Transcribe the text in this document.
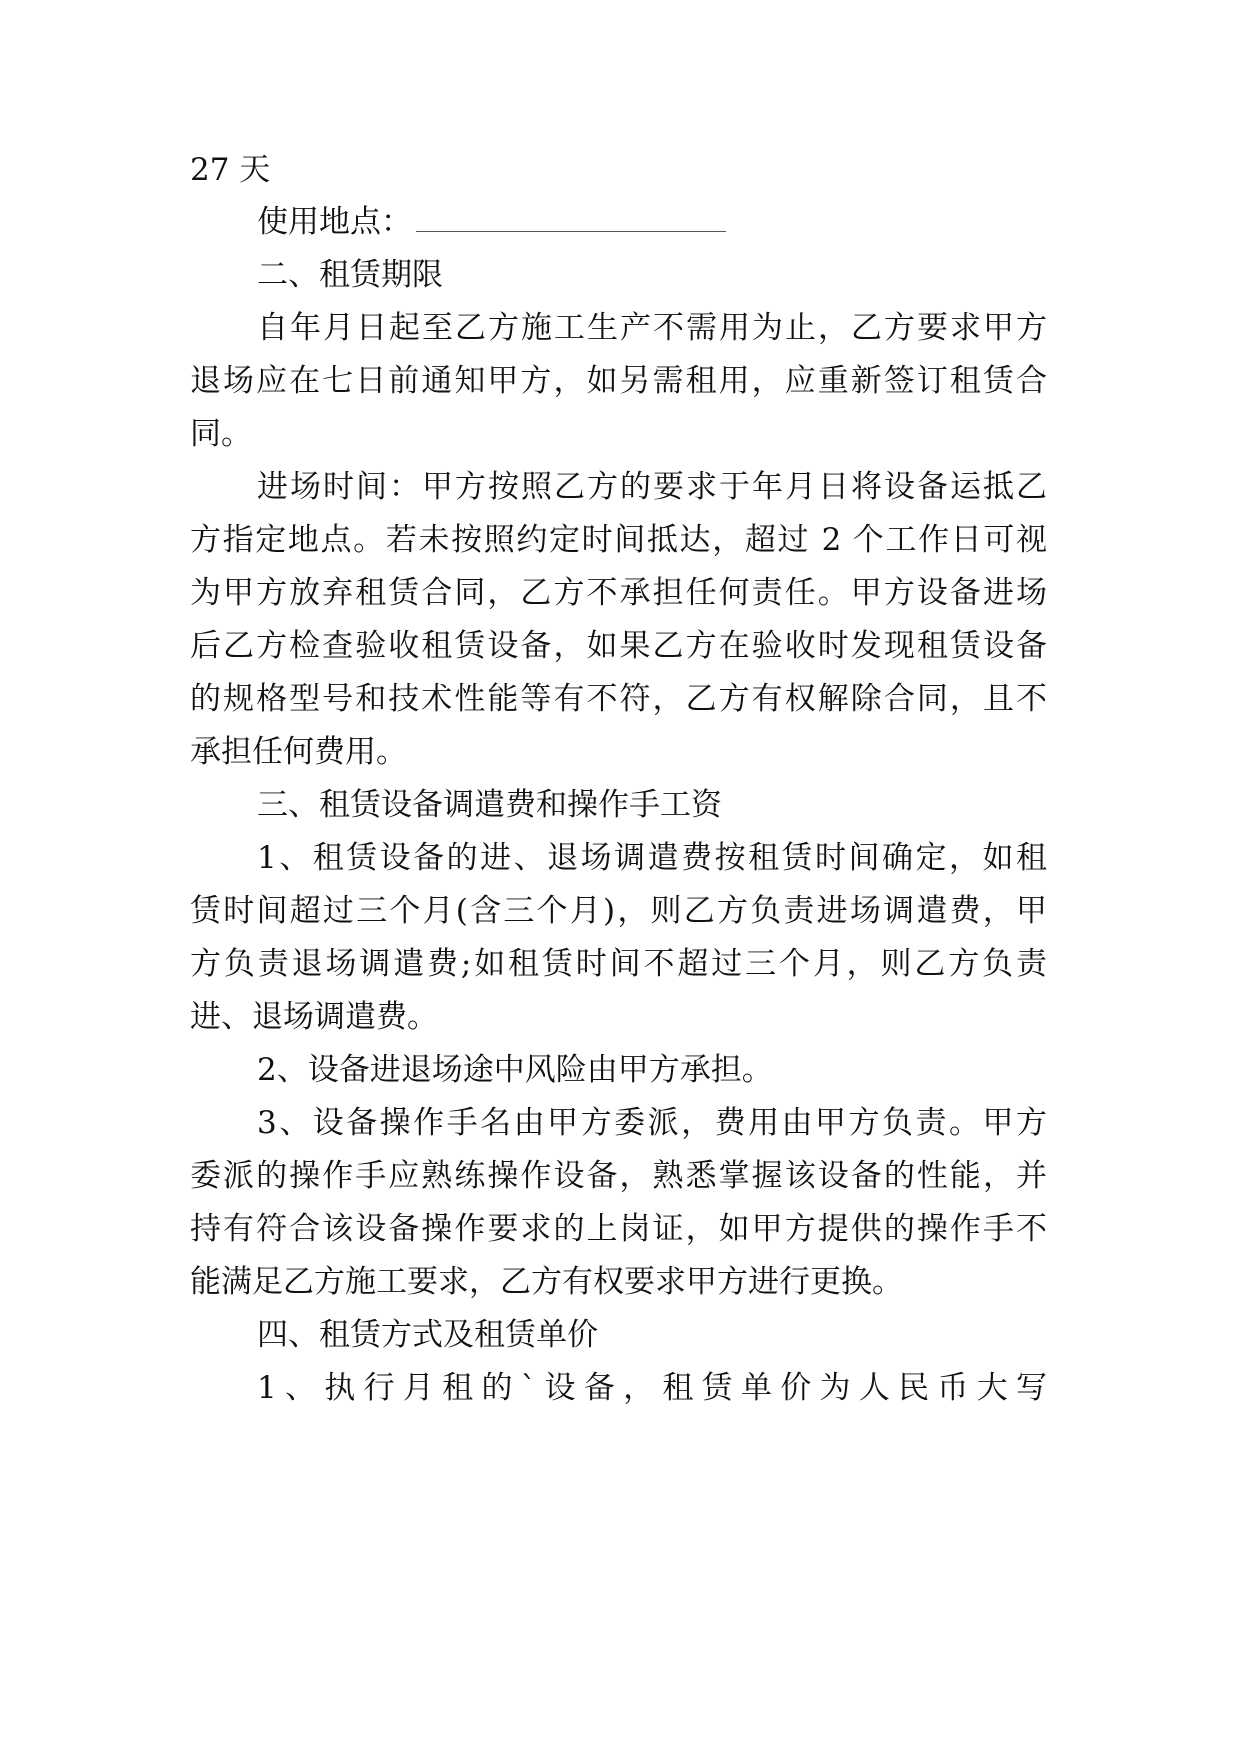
27 天
使用地点：
二、租赁期限
自年月日起至乙方施工生产不需用为止，乙方要求甲方
退场应在七日前通知甲方，如另需租用，应重新签订租赁合
同。
进场时间：甲方按照乙方的要求于年月日将设备运抵乙
方指定地点。若未按照约定时间抵达，超过 2 个工作日可视
为甲方放弃租赁合同，乙方不承担任何责任。甲方设备进场
后乙方检查验收租赁设备，如果乙方在验收时发现租赁设备
的规格型号和技术性能等有不符，乙方有权解除合同，且不
承担任何费用。
三、租赁设备调遣费和操作手工资
1、租赁设备的进、退场调遣费按租赁时间确定，如租
赁时间超过三个月(含三个月)，则乙方负责进场调遣费，甲
方负责退场调遣费;如租赁时间不超过三个月，则乙方负责
进、退场调遣费。
2、设备进退场途中风险由甲方承担。
3、设备操作手名由甲方委派，费用由甲方负责。甲方
委派的操作手应熟练操作设备，熟悉掌握该设备的性能，并
持有符合该设备操作要求的上岗证，如甲方提供的操作手不
能满足乙方施工要求，乙方有权要求甲方进行更换。
四、租赁方式及租赁单价
1、执行月租的`设备，租赁单价为人民币大写
